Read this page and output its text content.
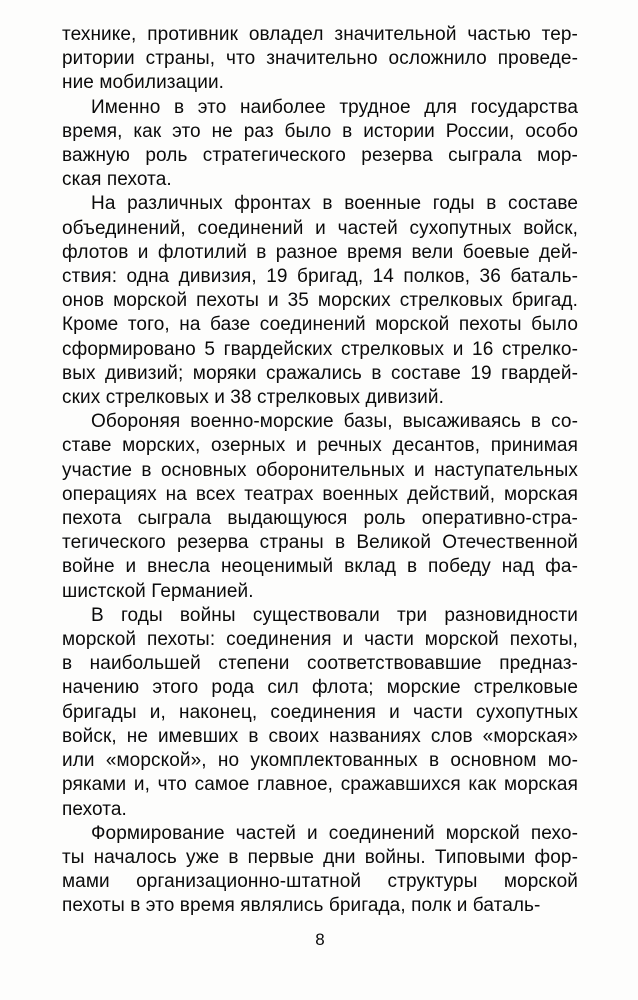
технике, противник овладел значительной частью тер-
ритории страны, что значительно осложнило проведе-
ние мобилизации.
Именно в это наиболее трудное для государства
время, как это не раз было в истории России, особо
важную роль стратегического резерва сыграла мор-
ская пехота.
На различных фронтах в военные годы в составе
объединений, соединений и частей сухопутных войск,
флотов и флотилий в разное время вели боевые дей-
ствия: одна дивизия, 19 бригад, 14 полков, 36 баталь-
онов морской пехоты и 35 морских стрелковых бригад.
Кроме того, на базе соединений морской пехоты было
сформировано 5 гвардейских стрелковых и 16 стрелко-
вых дивизий; моряки сражались в составе 19 гвардей-
ских стрелковых и 38 стрелковых дивизий.
Обороняя военно-морские базы, высаживаясь в со-
ставе морских, озерных и речных десантов, принимая
участие в основных оборонительных и наступательных
операциях на всех театрах военных действий, морская
пехота сыграла выдающуюся роль оперативно-стра-
тегического резерва страны в Великой Отечественной
войне и внесла неоценимый вклад в победу над фа-
шистской Германией.
В годы войны существовали три разновидности
морской пехоты: соединения и части морской пехоты,
в наибольшей степени соответствовавшие предназ-
начению этого рода сил флота; морские стрелковые
бригады и, наконец, соединения и части сухопутных
войск, не имевших в своих названиях слов «морская»
или «морской», но укомплектованных в основном мо-
ряками и, что самое главное, сражавшихся как морская
пехота.
Формирование частей и соединений морской пехо-
ты началось уже в первые дни войны. Типовыми фор-
мами организационно-штатной структуры морской
пехоты в это время являлись бригада, полк и баталь-
8
